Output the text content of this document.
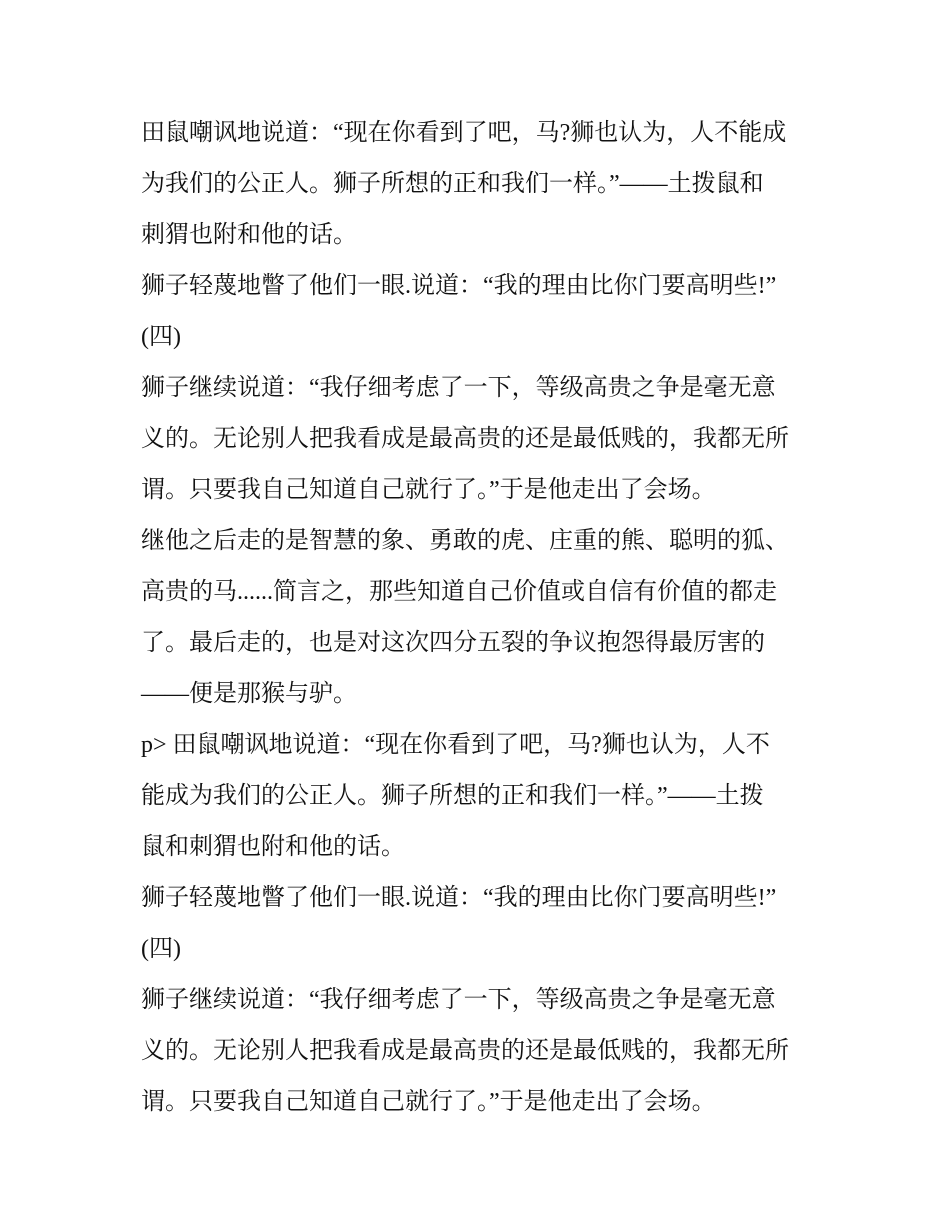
田鼠嘲讽地说道：“现在你看到了吧，马?狮也认为，人不能成
为我们的公正人。狮子所想的正和我们一样。”——土拨鼠和
刺猬也附和他的话。
狮子轻蔑地瞥了他们一眼.说道：“我的理由比你门要高明些!”
(四)
狮子继续说道：“我仔细考虑了一下，等级高贵之争是毫无意
义的。无论别人把我看成是最高贵的还是最低贱的，我都无所
谓。只要我自己知道自己就行了。”于是他走出了会场。
继他之后走的是智慧的象、勇敢的虎、庄重的熊、聪明的狐、
高贵的马......简言之，那些知道自己价值或自信有价值的都走
了。最后走的，也是对这次四分五裂的争议抱怨得最厉害的
——便是那猴与驴。
p> 田鼠嘲讽地说道：“现在你看到了吧，马?狮也认为，人不
能成为我们的公正人。狮子所想的正和我们一样。”——土拨
鼠和刺猬也附和他的话。
狮子轻蔑地瞥了他们一眼.说道：“我的理由比你门要高明些!”
(四)
狮子继续说道：“我仔细考虑了一下，等级高贵之争是毫无意
义的。无论别人把我看成是最高贵的还是最低贱的，我都无所
谓。只要我自己知道自己就行了。”于是他走出了会场。
